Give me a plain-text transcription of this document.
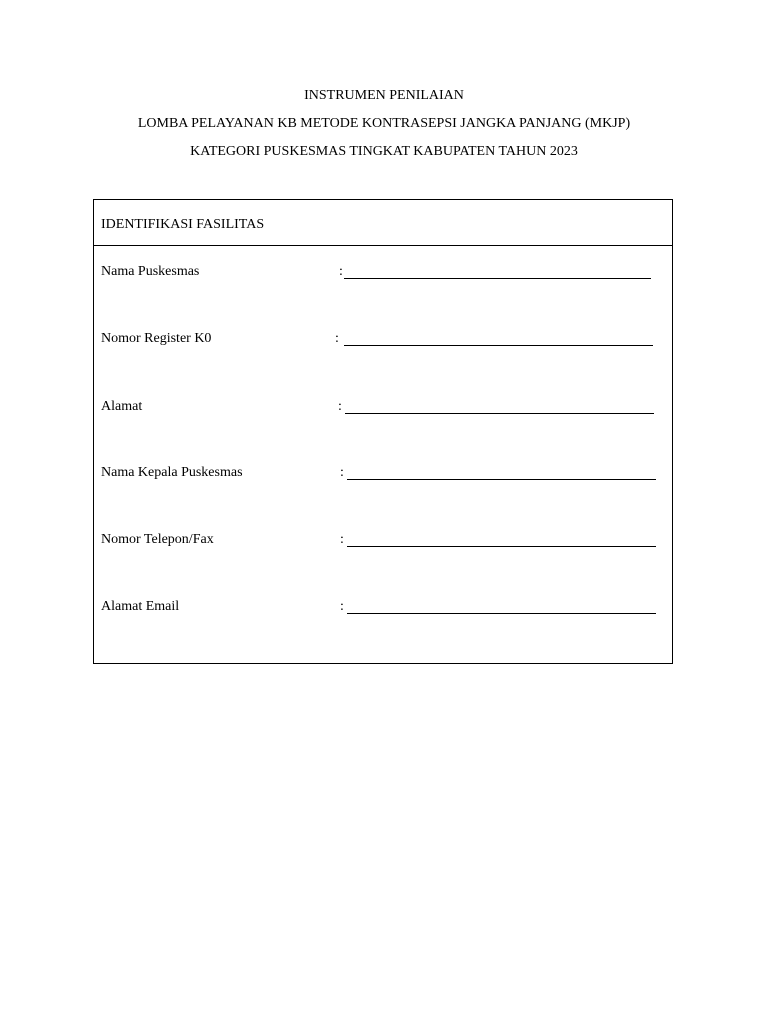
INSTRUMEN PENILAIAN
LOMBA PELAYANAN KB METODE KONTRASEPSI JANGKA PANJANG (MKJP)
KATEGORI PUSKESMAS TINGKAT KABUPATEN TAHUN 2023
IDENTIFIKASI FASILITAS
Nama Puskesmas	:
Nomor Register K0	:
Alamat	:
Nama Kepala Puskesmas	:
Nomor Telepon/Fax	:
Alamat Email	:
